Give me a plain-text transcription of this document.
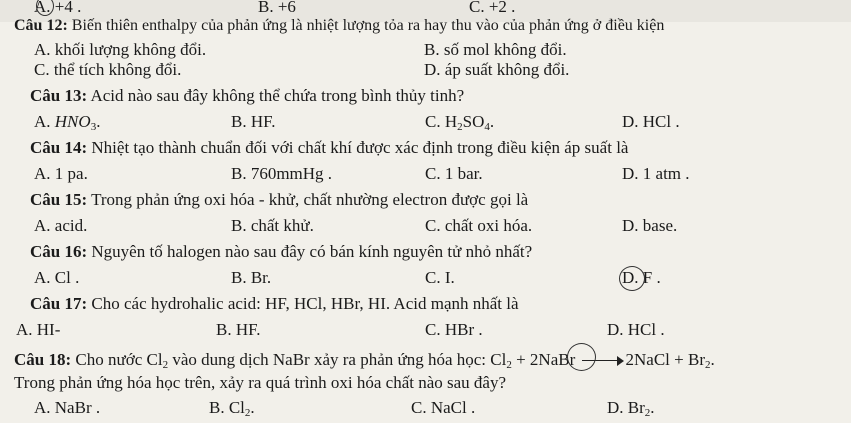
A. +4 .	B. +6	C. +2 .
Câu 12: Biến thiên enthalpy của phản ứng là nhiệt lượng tỏa ra hay thu vào của phản ứng ở điều kiện
A. khối lượng không đổi.	B. số mol không đổi.
C. thể tích không đổi.	D. áp suất không đổi.
Câu 13: Acid nào sau đây không thể chứa trong bình thủy tinh?
A. $HNO_3$.	B. HF.	C. $H_2SO_4$.	D. HCl .
Câu 14: Nhiệt tạo thành chuẩn đối với chất khí được xác định trong điều kiện áp suất là
A. 1 pa.	B. 760mmHg .	C. 1 bar.	D. 1 atm .
Câu 15: Trong phản ứng oxi hóa - khử, chất nhường electron được gọi là
A. acid.	B. chất khử.	C. chất oxi hóa.	D. base.
Câu 16: Nguyên tố halogen nào sau đây có bán kính nguyên tử nhỏ nhất?
A. Cl .	B. Br.	C. I.	D. F .
Câu 17: Cho các hydrohalic acid: HF, HCl, HBr, HI. Acid mạnh nhất là
A. HI-	B. HF.	C. HBr .	D. HCl .
Câu 18: Cho nước $Cl_2$ vào dung dịch NaBr xảy ra phản ứng hóa học: $Cl_2$ + 2NaBr	2NaCl + $Br_2$.
Trong phản ứng hóa học trên, xảy ra quá trình oxi hóa chất nào sau đây?
A. NaBr .	B. $Cl_2$.	C. NaCl .	D. $Br_2$.
